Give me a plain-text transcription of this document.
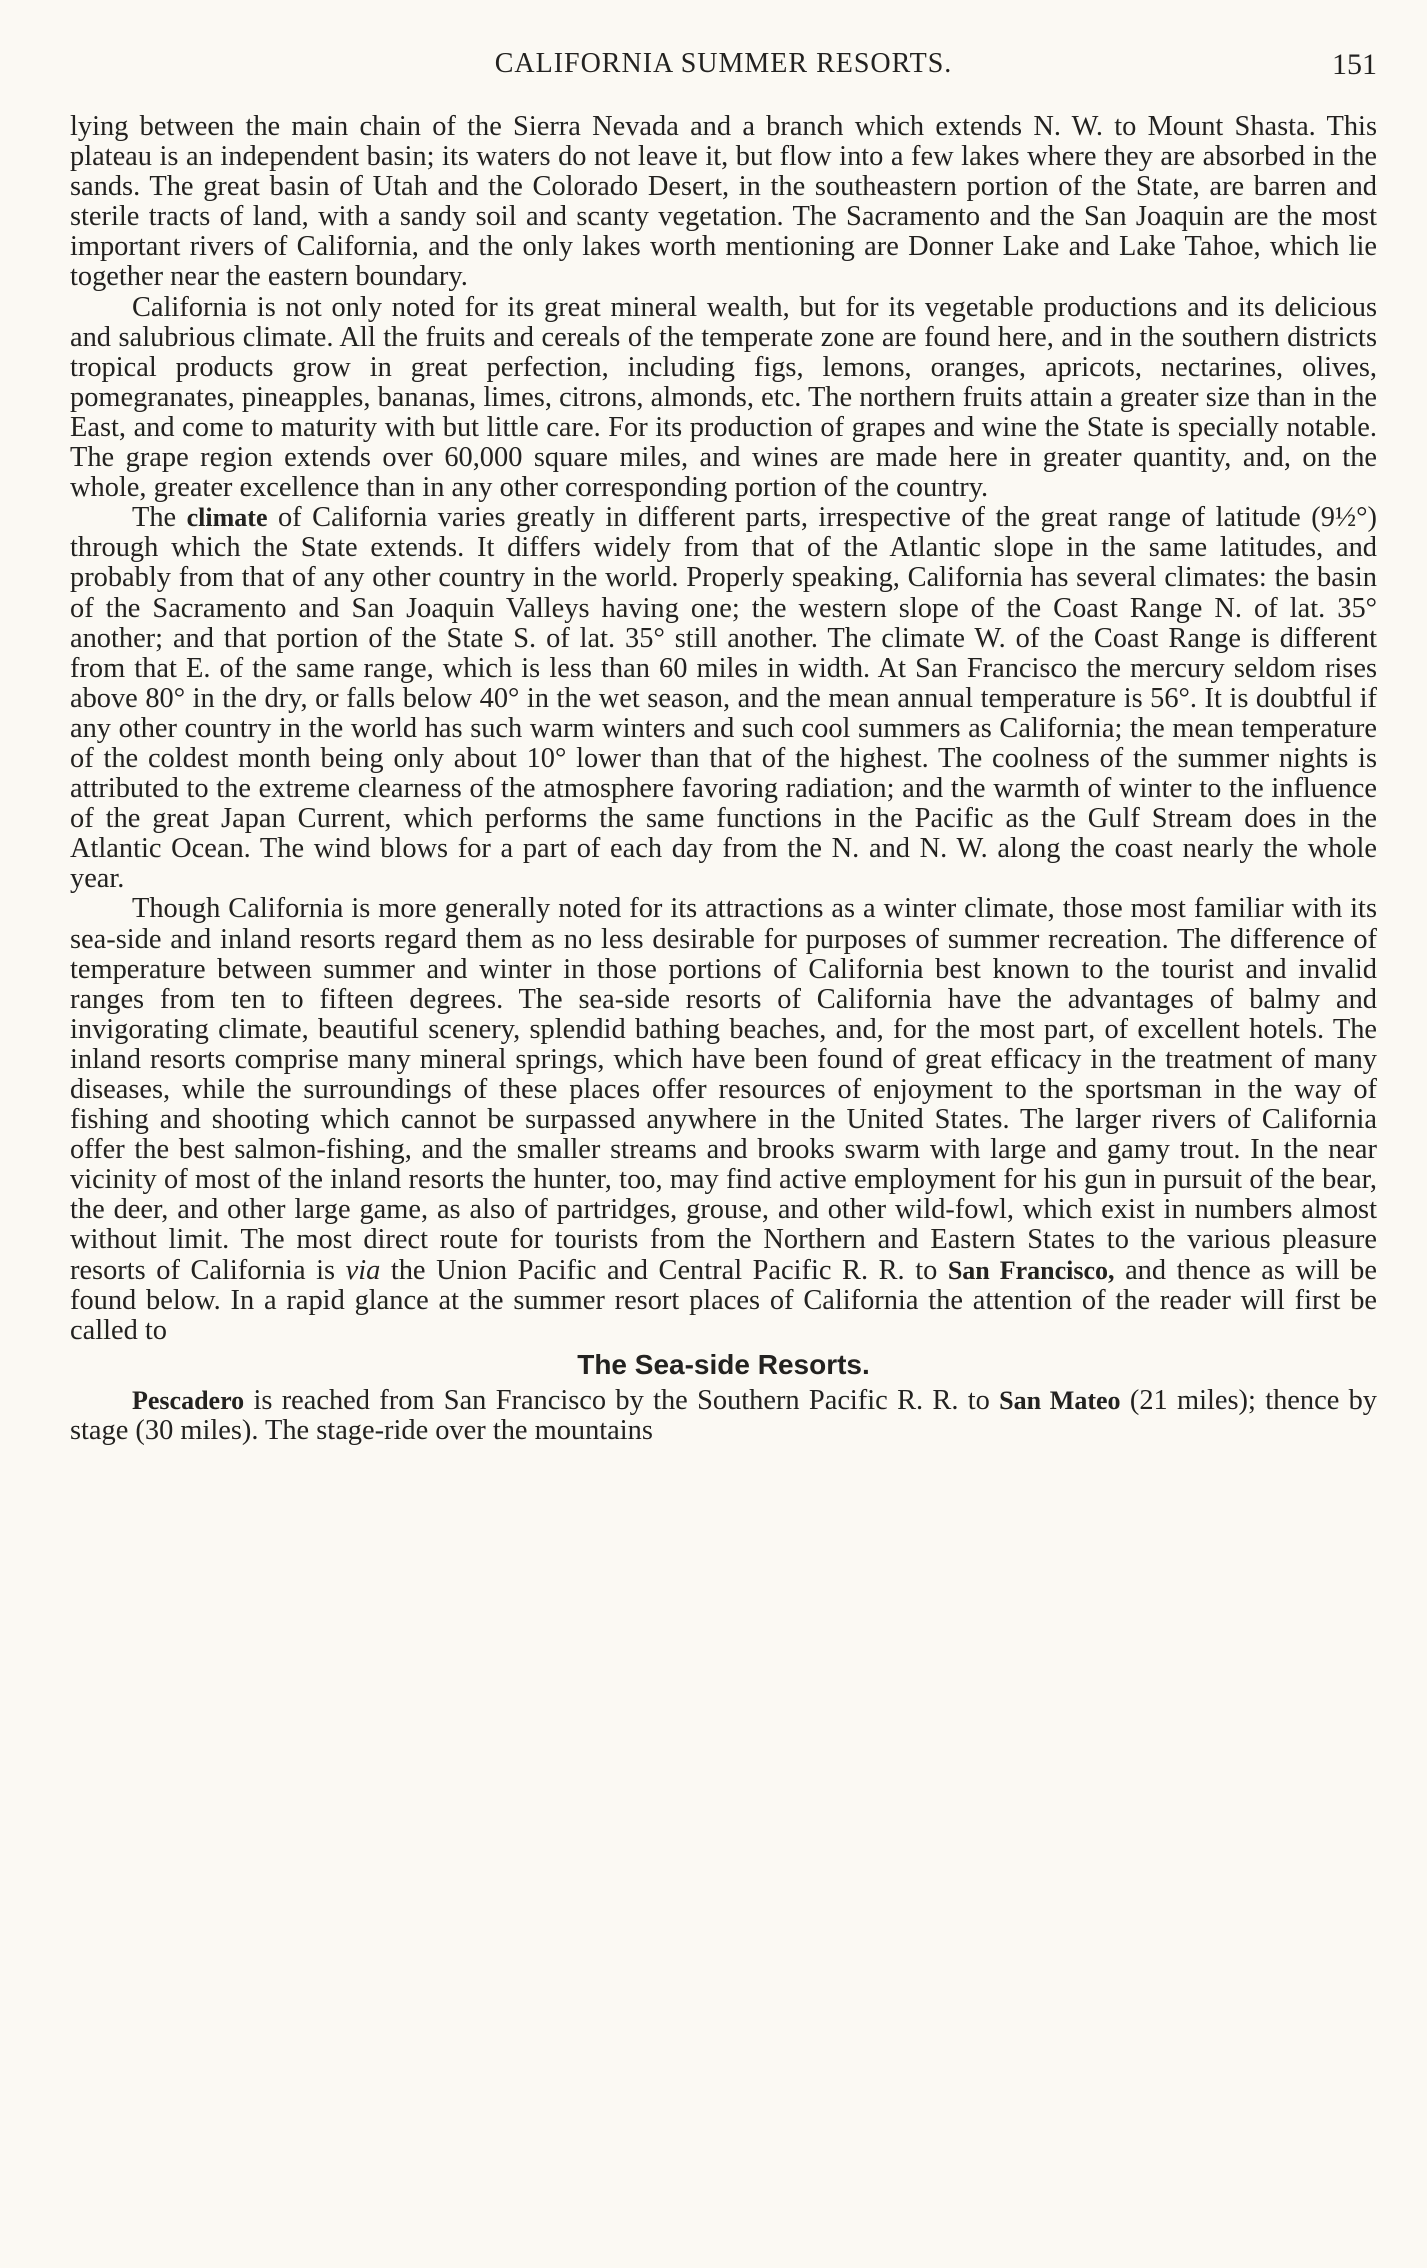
CALIFORNIA SUMMER RESORTS.	151

lying between the main chain of the Sierra Nevada and a branch which extends N. W. to Mount Shasta. This plateau is an independent basin; its waters do not leave it, but flow into a few lakes where they are absorbed in the sands. The great basin of Utah and the Colorado Desert, in the southeastern portion of the State, are barren and sterile tracts of land, with a sandy soil and scanty vegetation. The Sacramento and the San Joaquin are the most important rivers of California, and the only lakes worth mentioning are Donner Lake and Lake Tahoe, which lie together near the eastern boundary.

California is not only noted for its great mineral wealth, but for its vegetable productions and its delicious and salubrious climate. All the fruits and cereals of the temperate zone are found here, and in the southern districts tropical products grow in great perfection, including figs, lemons, oranges, apricots, nectarines, olives, pomegranates, pineapples, bananas, limes, citrons, almonds, etc. The northern fruits attain a greater size than in the East, and come to maturity with but little care. For its production of grapes and wine the State is specially notable. The grape region extends over 60,000 square miles, and wines are made here in greater quantity, and, on the whole, greater excellence than in any other corresponding portion of the country.

The climate of California varies greatly in different parts, irrespective of the great range of latitude (9½°) through which the State extends. It differs widely from that of the Atlantic slope in the same latitudes, and probably from that of any other country in the world. Properly speaking, California has several climates: the basin of the Sacramento and San Joaquin Valleys having one; the western slope of the Coast Range N. of lat. 35° another; and that portion of the State S. of lat. 35° still another. The climate W. of the Coast Range is different from that E. of the same range, which is less than 60 miles in width. At San Francisco the mercury seldom rises above 80° in the dry, or falls below 40° in the wet season, and the mean annual temperature is 56°. It is doubtful if any other country in the world has such warm winters and such cool summers as California; the mean temperature of the coldest month being only about 10° lower than that of the highest. The coolness of the summer nights is attributed to the extreme clearness of the atmosphere favoring radiation; and the warmth of winter to the influence of the great Japan Current, which performs the same functions in the Pacific as the Gulf Stream does in the Atlantic Ocean. The wind blows for a part of each day from the N. and N. W. along the coast nearly the whole year.

Though California is more generally noted for its attractions as a winter climate, those most familiar with its sea-side and inland resorts regard them as no less desirable for purposes of summer recreation. The difference of temperature between summer and winter in those portions of California best known to the tourist and invalid ranges from ten to fifteen degrees. The sea-side resorts of California have the advantages of balmy and invigorating climate, beautiful scenery, splendid bathing beaches, and, for the most part, of excellent hotels. The inland resorts comprise many mineral springs, which have been found of great efficacy in the treatment of many diseases, while the surroundings of these places offer resources of enjoyment to the sportsman in the way of fishing and shooting which cannot be surpassed anywhere in the United States. The larger rivers of California offer the best salmon-fishing, and the smaller streams and brooks swarm with large and gamy trout. In the near vicinity of most of the inland resorts the hunter, too, may find active employment for his gun in pursuit of the bear, the deer, and other large game, as also of partridges, grouse, and other wild-fowl, which exist in numbers almost without limit. The most direct route for tourists from the Northern and Eastern States to the various pleasure resorts of California is via the Union Pacific and Central Pacific R. R. to San Francisco, and thence as will be found below. In a rapid glance at the summer resort places of California the attention of the reader will first be called to

The Sea-side Resorts.

Pescadero is reached from San Francisco by the Southern Pacific R. R. to San Mateo (21 miles); thence by stage (30 miles). The stage-ride over the mountains
